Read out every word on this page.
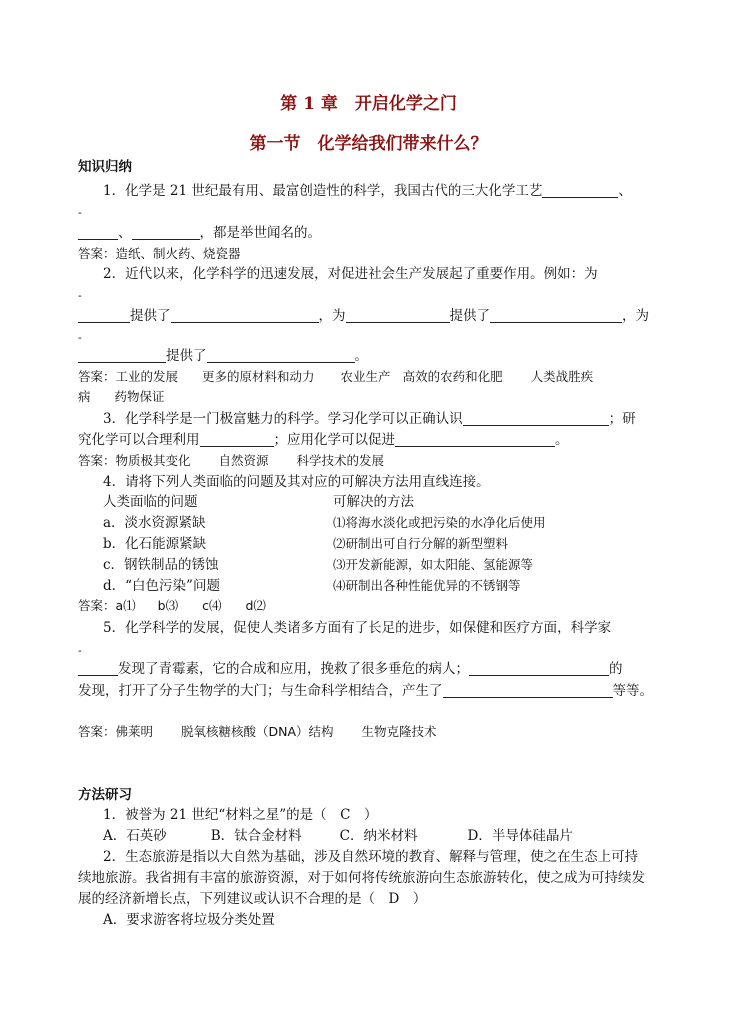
第 1 章　开启化学之门
第一节　化学给我们带来什么？
知识归纳
1．化学是 21 世纪最有用、最富创造性的科学，我国古代的三大化学工艺	、
-
、	，都是举世闻名的。
答案：造纸、制火药、烧瓷器
2．近代以来，化学科学的迅速发展，对促进社会生产发展起了重要作用。例如：为
-
提供了	，为	提供了	，为
-
提供了	。
答案：工业的发展 更多的原材料和动力 农业生产 高效的农药和化肥 人类战胜疾
病 药物保证
3．化学科学是一门极富魅力的科学。学习化学可以正确认识	；研
究化学可以合理利用	；应用化学可以促进	。
答案：物质极其变化 自然资源 科学技术的发展
4．请将下列人类面临的问题及其对应的可解决方法用直线连接。
人类面临的问题	可解决的方法
a．淡水资源紧缺	⑴将海水淡化或把污染的水净化后使用
b．化石能源紧缺	⑵研制出可自行分解的新型塑料
c．钢铁制品的锈蚀	⑶开发新能源，如太阳能、氢能源等
d．“白色污染”问题	⑷研制出各种性能优异的不锈钢等
答案：a⑴ b⑶ c⑷ d⑵
5．化学科学的发展，促使人类诸多方面有了长足的进步，如保健和医疗方面，科学家
-
发现了青霉素，它的合成和应用，挽救了很多垂危的病人；	的
发现，打开了分子生物学的大门；与生命科学相结合，产生了	等等。
答案：佛莱明 脱氧核糖核酸（DNA）结构 生物克隆技术
方法研习
1．被誉为 21 世纪“材料之星”的是（　C　）
A．石英砂	B．钛合金材料	C．纳米材料	D．半导体硅晶片
2．生态旅游是指以大自然为基础，涉及自然环境的教育、解释与管理，使之在生态上可持
续地旅游。我省拥有丰富的旅游资源，对于如何将传统旅游向生态旅游转化，使之成为可持续发
展的经济新增长点，下列建议或认识不合理的是（　D　）
A．要求游客将垃圾分类处置
